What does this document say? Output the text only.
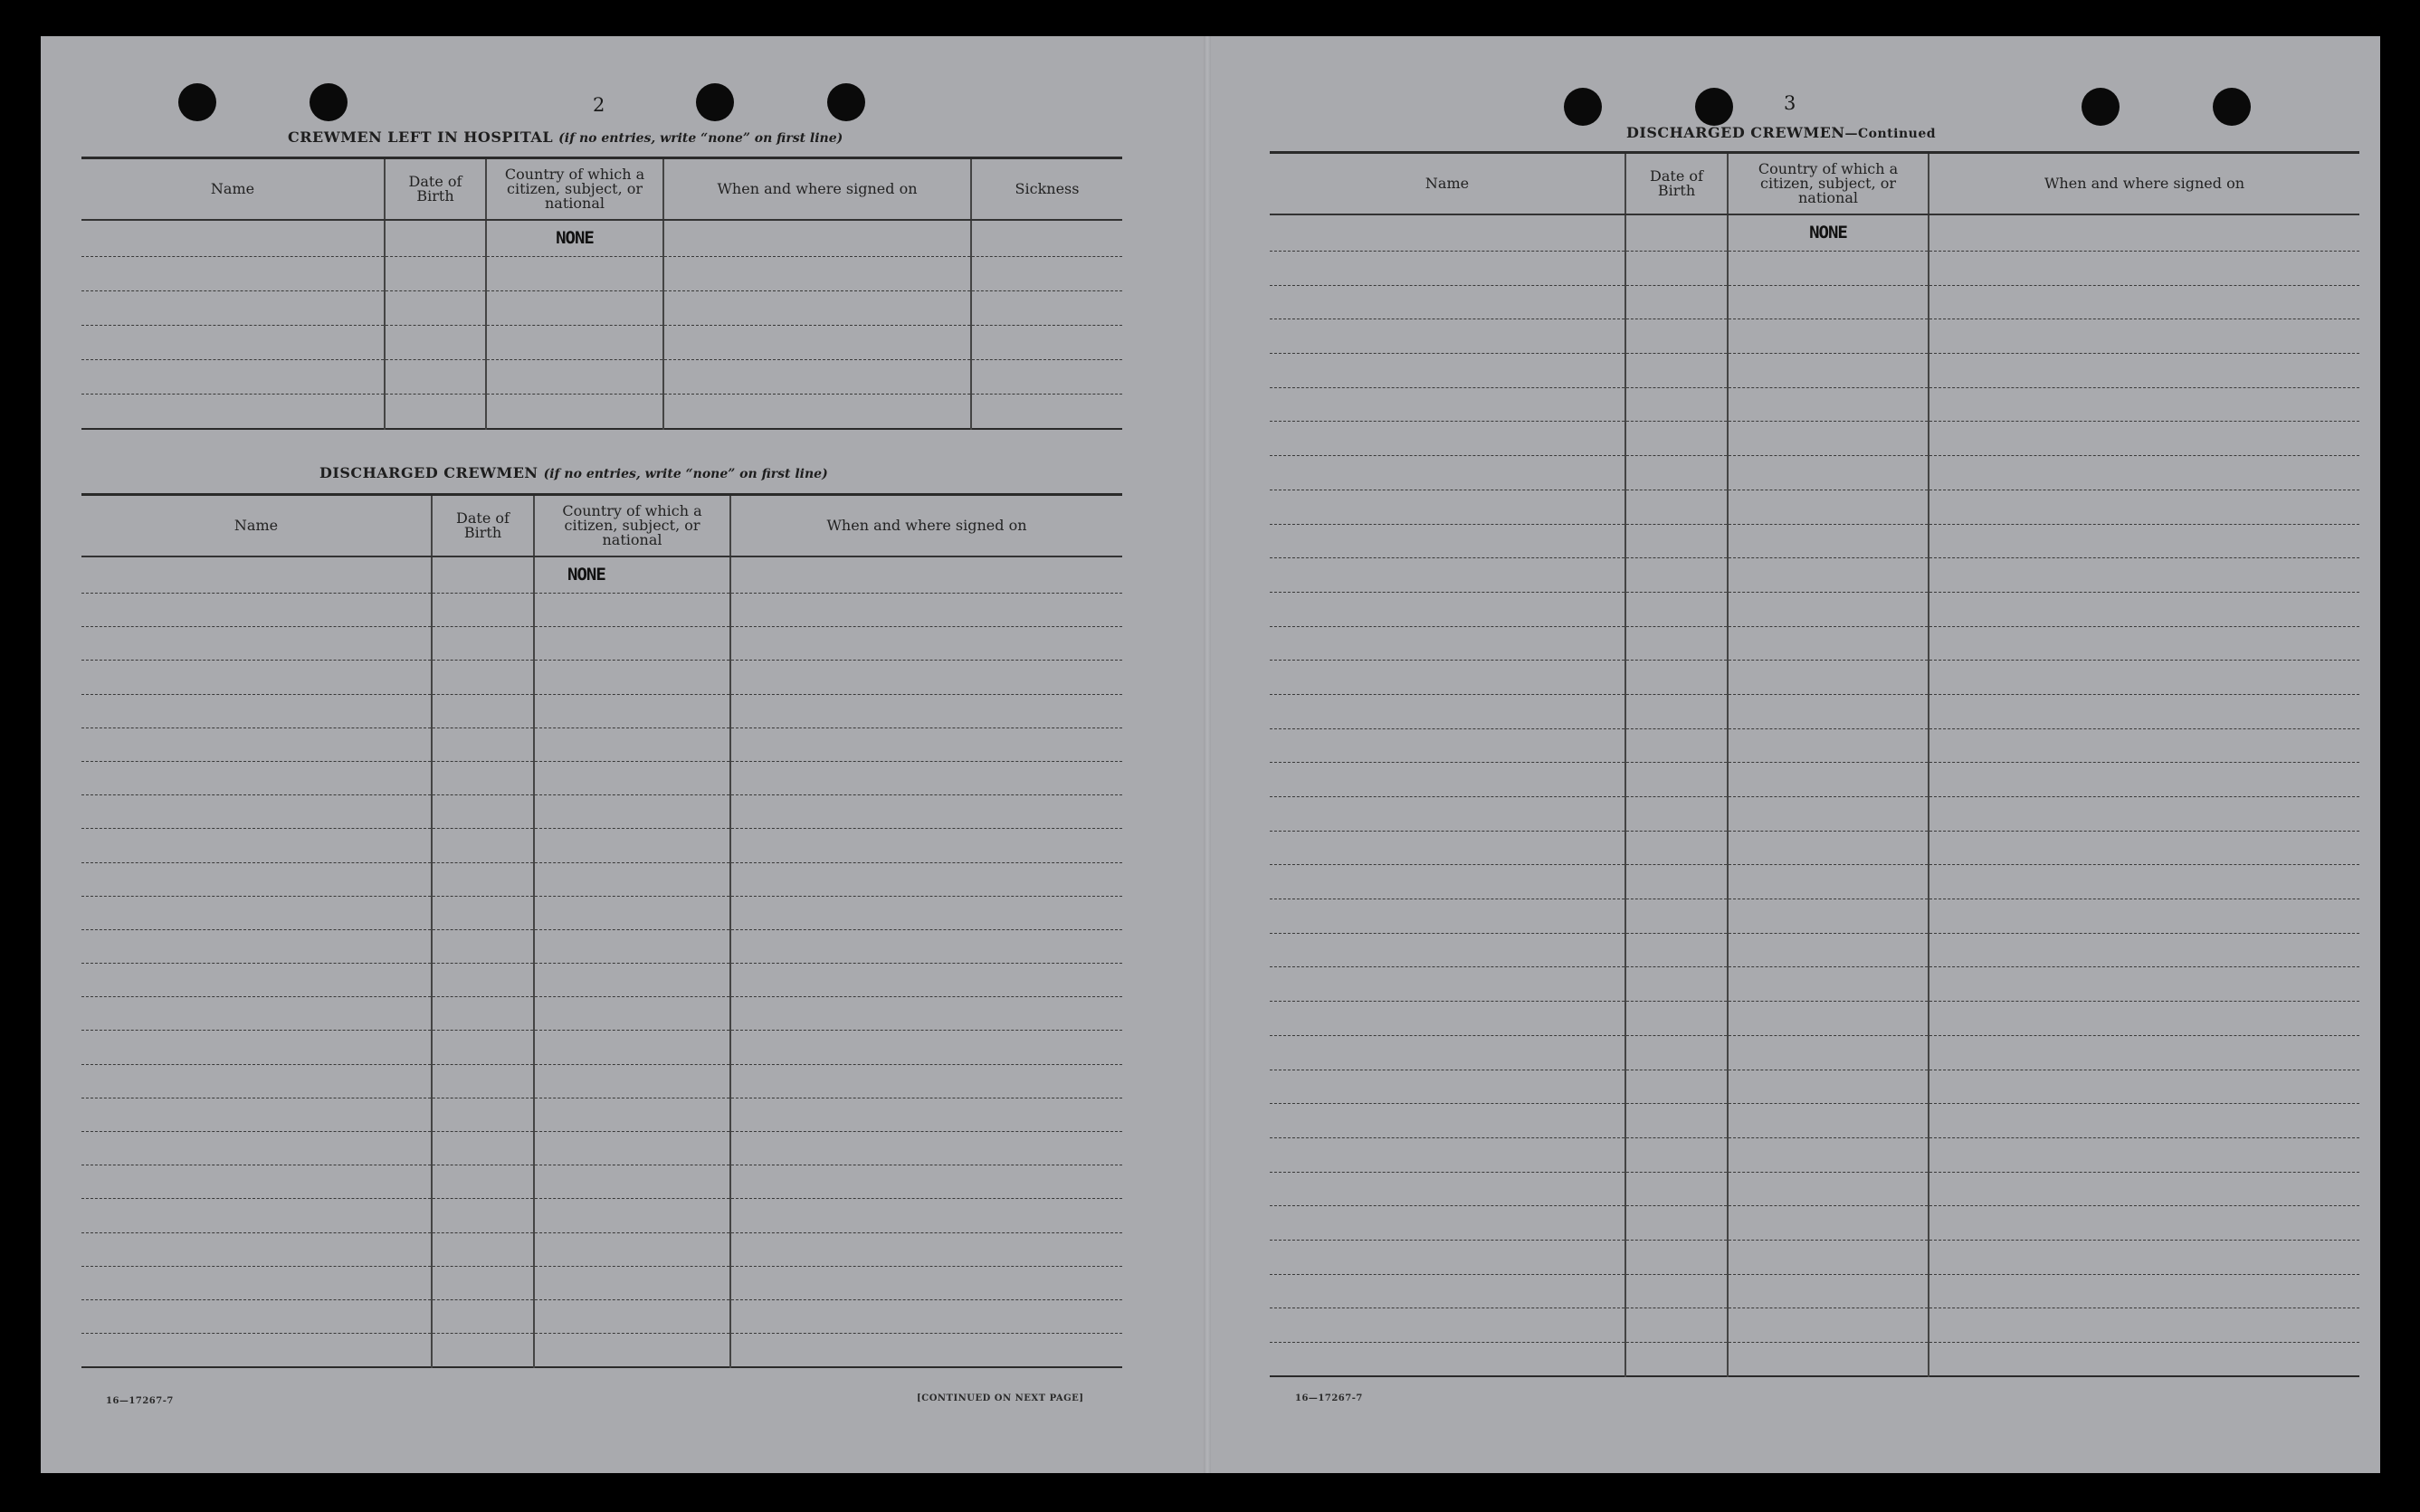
2
CREWMEN LEFT IN HOSPITAL (if no entries, write “none” on first line)
Name	Date of Birth	Country of which a citizen, subject, or national	When and where signed on	Sickness
		NONE		

DISCHARGED CREWMEN (if no entries, write “none” on first line)
Name	Date of Birth	Country of which a citizen, subject, or national	When and where signed on
		NONE	

16—17267-7	[CONTINUED ON NEXT PAGE]
3
DISCHARGED CREWMEN—Continued
Name	Date of Birth	Country of which a citizen, subject, or national	When and where signed on
		NONE	

16—17267-7
